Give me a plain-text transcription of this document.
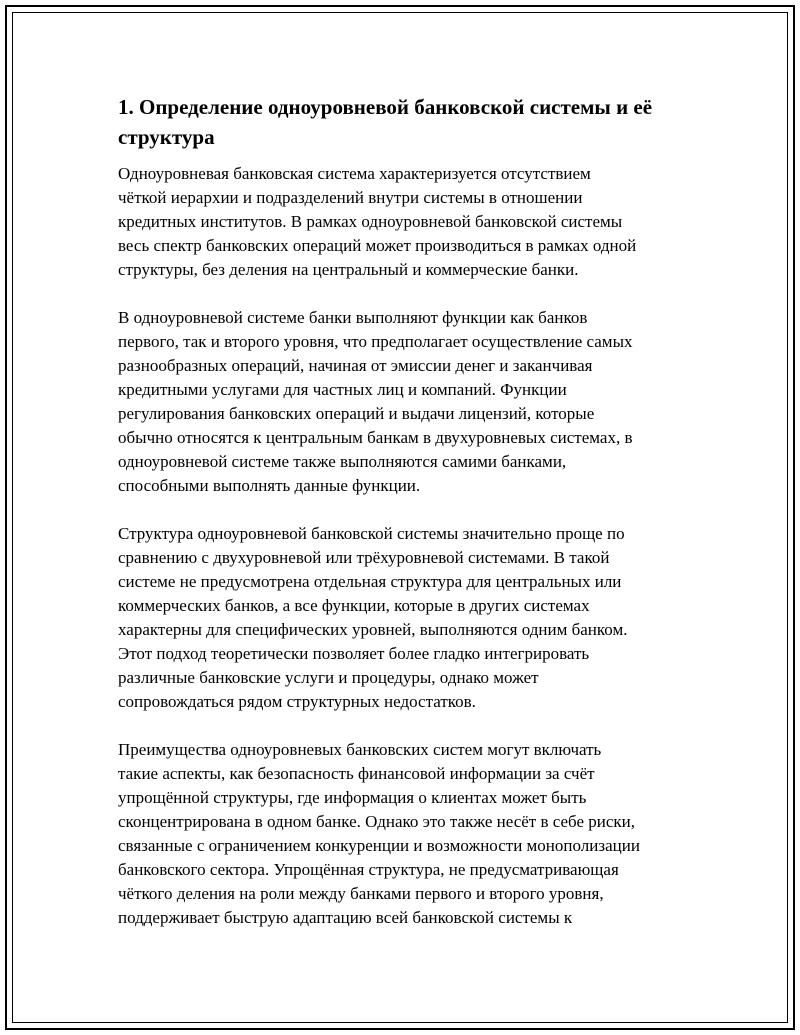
1. Определение одноуровневой банковской системы и её
структура

Одноуровневая банковская система характеризуется отсутствием
чёткой иерархии и подразделений внутри системы в отношении
кредитных институтов. В рамках одноуровневой банковской системы
весь спектр банковских операций может производиться в рамках одной
структуры, без деления на центральный и коммерческие банки.

В одноуровневой системе банки выполняют функции как банков
первого, так и второго уровня, что предполагает осуществление самых
разнообразных операций, начиная от эмиссии денег и заканчивая
кредитными услугами для частных лиц и компаний. Функции
регулирования банковских операций и выдачи лицензий, которые
обычно относятся к центральным банкам в двухуровневых системах, в
одноуровневой системе также выполняются самими банками,
способными выполнять данные функции.

Структура одноуровневой банковской системы значительно проще по
сравнению с двухуровневой или трёхуровневой системами. В такой
системе не предусмотрена отдельная структура для центральных или
коммерческих банков, а все функции, которые в других системах
характерны для специфических уровней, выполняются одним банком.
Этот подход теоретически позволяет более гладко интегрировать
различные банковские услуги и процедуры, однако может
сопровождаться рядом структурных недостатков.

Преимущества одноуровневых банковских систем могут включать
такие аспекты, как безопасность финансовой информации за счёт
упрощённой структуры, где информация о клиентах может быть
сконцентрирована в одном банке. Однако это также несёт в себе риски,
связанные с ограничением конкуренции и возможности монополизации
банковского сектора. Упрощённая структура, не предусматривающая
чёткого деления на роли между банками первого и второго уровня,
поддерживает быструю адаптацию всей банковской системы к
